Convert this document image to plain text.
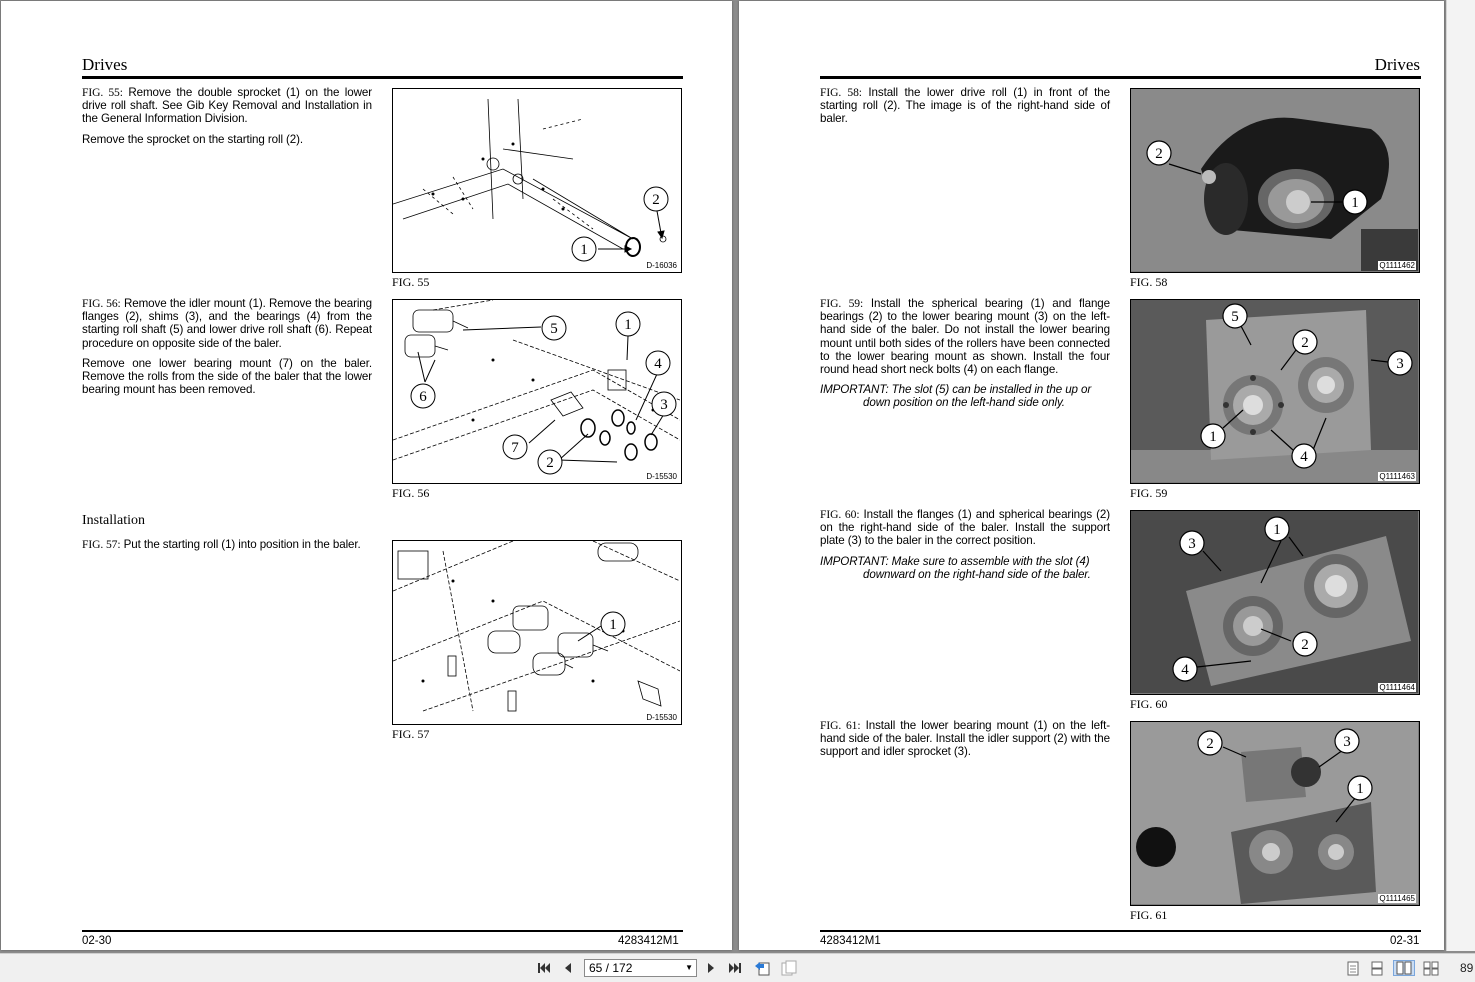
Drives

FIG. 55: Remove the double sprocket (1) on the lower drive roll shaft. See Gib Key Removal and Installation in the General Information Division.

Remove the sprocket on the starting roll (2).

1
2
D-16036
FIG. 55

FIG. 56: Remove the idler mount (1). Remove the bearing flanges (2), shims (3), and the bearings (4) from the starting roll shaft (5) and lower drive roll shaft (6). Repeat procedure on opposite side of the baler.

Remove one lower bearing mount (7) on the baler. Remove the rolls from the side of the baler that the lower bearing mount has been removed.

5	1
4
3
6
7
2
D-15530
FIG. 56
Installation

FIG. 57: Put the starting roll (1) into position in the baler.

1
D-15530
FIG. 57
02-30	4283412M1
Drives

FIG. 58: Install the lower drive roll (1) in front of the starting roll (2). The image is of the right-hand side of baler.

2
1
Q1111462
FIG. 58

FIG. 59: Install the spherical bearing (1) and flange bearings (2) to the lower bearing mount (3) on the left-hand side of the baler. Do not install the lower bearing mount until both sides of the rollers have been connected to the lower bearing mount as shown. Install the four round head short neck bolts (4) on each flange.

IMPORTANT: The slot (5) can be installed in the up or
down position on the left-hand side only.

5
2
3
1
4
Q1111463
FIG. 59

FIG. 60: Install the flanges (1) and spherical bearings (2) on the right-hand side of the baler. Install the support plate (3) to the baler in the correct position.

IMPORTANT: Make sure to assemble with the slot (4)
downward on the right-hand side of the baler.

3
1
2
4
Q1111464
FIG. 60

FIG. 61: Install the lower bearing mount (1) on the left-hand side of the baler. Install the idler support (2) with the support and idler sprocket (3).	2	3
1
Q1111465
FIG. 61
4283412M1	02-31
65 / 172	▼	89
